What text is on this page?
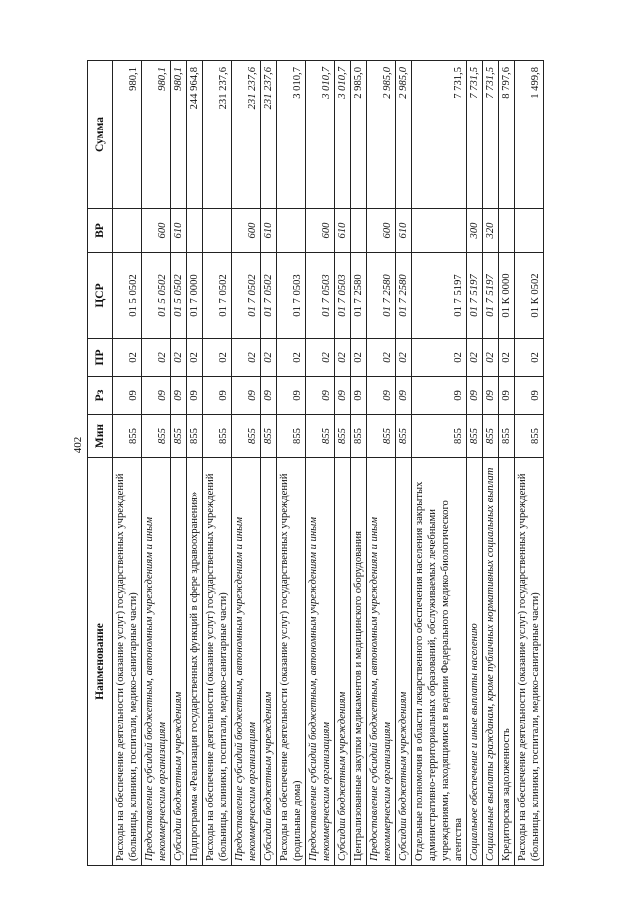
402
Наименование	Мин	Рз	ПР	ЦСР	ВР	Сумма
Расходы на обеспечение деятельности (оказание услуг) государственных учреждений (больницы, клиники, госпитали, медико-санитарные части)	855	09	02	01 5 0502		980,1
Предоставление субсидий бюджетным, автономным учреждениям и иным некоммерческим организациям	855	09	02	01 5 0502	600	980,1
Субсидии бюджетным учреждениям	855	09	02	01 5 0502	610	980,1
Подпрограмма «Реализация государственных функций в сфере здравоохранения»	855	09	02	01 7 0000		244 964,8
Расходы на обеспечение деятельности (оказание услуг) государственных учреждений (больницы, клиники, госпитали, медико-санитарные части)	855	09	02	01 7 0502		231 237,6
Предоставление субсидий бюджетным, автономным учреждениям и иным некоммерческим организациям	855	09	02	01 7 0502	600	231 237,6
Субсидии бюджетным учреждениям	855	09	02	01 7 0502	610	231 237,6
Расходы на обеспечение деятельности (оказание услуг) государственных учреждений (родильные дома)	855	09	02	01 7 0503		3 010,7
Предоставление субсидий бюджетным, автономным учреждениям и иным некоммерческим организациям	855	09	02	01 7 0503	600	3 010,7
Субсидии бюджетным учреждениям	855	09	02	01 7 0503	610	3 010,7
Централизованные закупки медикаментов и медицинского оборудования	855	09	02	01 7 2580		2 985,0
Предоставление субсидий бюджетным, автономным учреждениям и иным некоммерческим организациям	855	09	02	01 7 2580	600	2 985,0
Субсидии бюджетным учреждениям	855	09	02	01 7 2580	610	2 985,0
Отдельные полномочия в области лекарственного обеспечения населения закрытых административно-территориальных образований, обслуживаемых лечебными учреждениями, находящимися в ведении Федерального медико-биологического агентства	855	09	02	01 7 5197		7 731,5
Социальное обеспечение и иные выплаты населению	855	09	02	01 7 5197	300	7 731,5
Социальные выплаты гражданам, кроме публичных нормативных социальных выплат	855	09	02	01 7 5197	320	7 731,5
Кредиторская задолженность	855	09	02	01 К 0000		8 797,6
Расходы на обеспечение деятельности (оказание услуг) государственных учреждений (больницы, клиники, госпитали, медико-санитарные части)	855	09	02	01 К 0502		1 499,8
